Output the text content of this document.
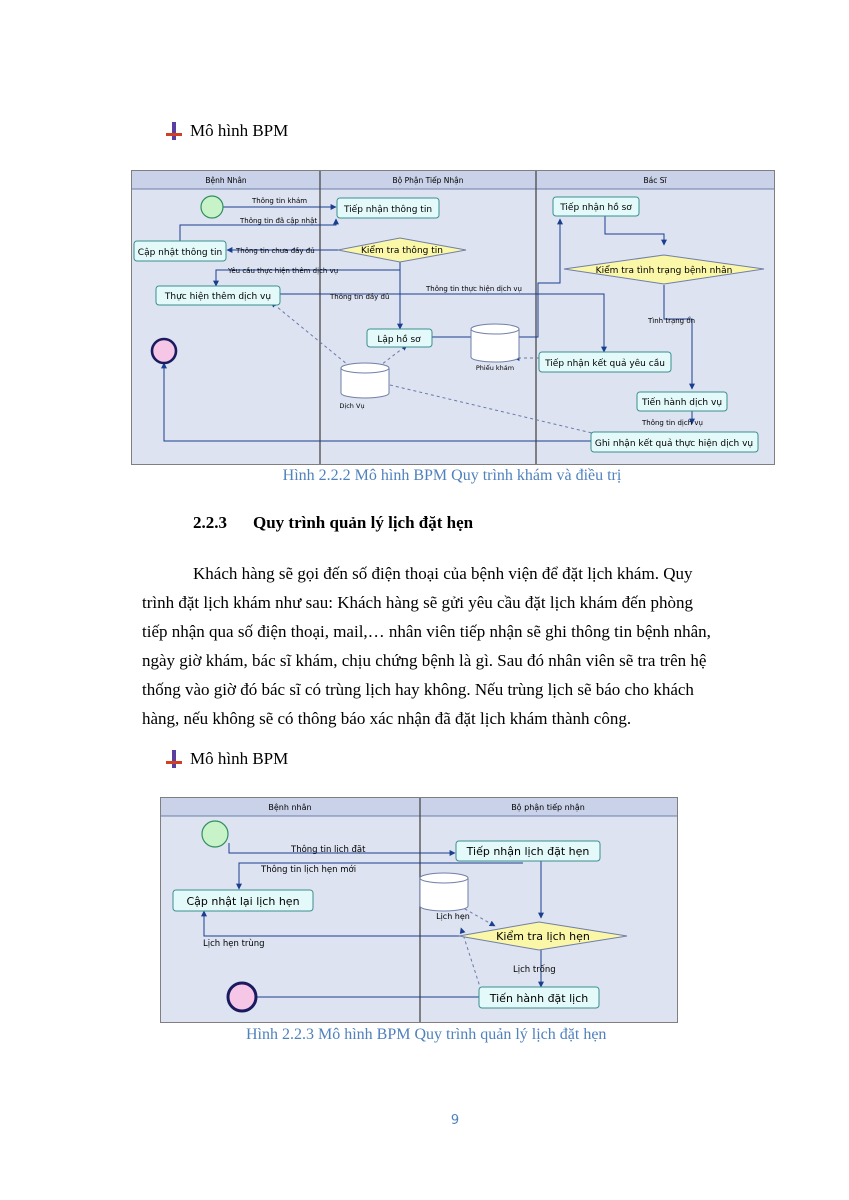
Mô hình BPM
Bệnh Nhân	Bộ Phận Tiếp Nhận	Bác Sĩ
Thông tin khám
Thông tin đã cập nhật
Thông tin chưa đầy đủ
Yêu cầu thực hiện thêm dịch vụ
Thông tin đầy đủ
Thông tin thực hiện dịch vụ
Tình trạng ổn
Thông tin dịch vụ
Tiếp nhận thông tin
Kiểm tra thông tin
Cập nhật thông tin
Thực hiện thêm dịch vụ
Lập hồ sơ
Phiếu khám
Dịch Vụ
Tiếp nhận hồ sơ
Kiểm tra tình trạng bệnh nhân
Tiếp nhận kết quả yêu cầu
Tiến hành dịch vụ
Ghi nhận kết quả thực hiện dịch vụ
Hình 2.2.2 Mô hình BPM Quy trình khám và điều trị
2.2.3 Quy trình quản lý lịch đặt hẹn
Khách hàng sẽ gọi đến số điện thoại của bệnh viện để đặt lịch khám. Quy
trình đặt lịch khám như sau: Khách hàng sẽ gửi yêu cầu đặt lịch khám đến phòng
tiếp nhận qua số điện thoại, mail,… nhân viên tiếp nhận sẽ ghi thông tin bệnh nhân,
ngày giờ khám, bác sĩ khám, chịu chứng bệnh là gì. Sau đó nhân viên sẽ tra trên hệ
thống vào giờ đó bác sĩ có trùng lịch hay không. Nếu trùng lịch sẽ báo cho khách
hàng, nếu không sẽ có thông báo xác nhận đã đặt lịch khám thành công.
Mô hình BPM
Bệnh nhân	Bộ phận tiếp nhận
Thông tin lịch đặt
Thông tin lịch hẹn mới
Lịch hẹn trùng
Lịch trống
Tiếp nhận lịch đặt hẹn
Cập nhật lại lịch hẹn
Lịch hẹn
Kiểm tra lịch hẹn
Tiến hành đặt lịch
Hình 2.2.3 Mô hình BPM Quy trình quản lý lịch đặt hẹn
9
